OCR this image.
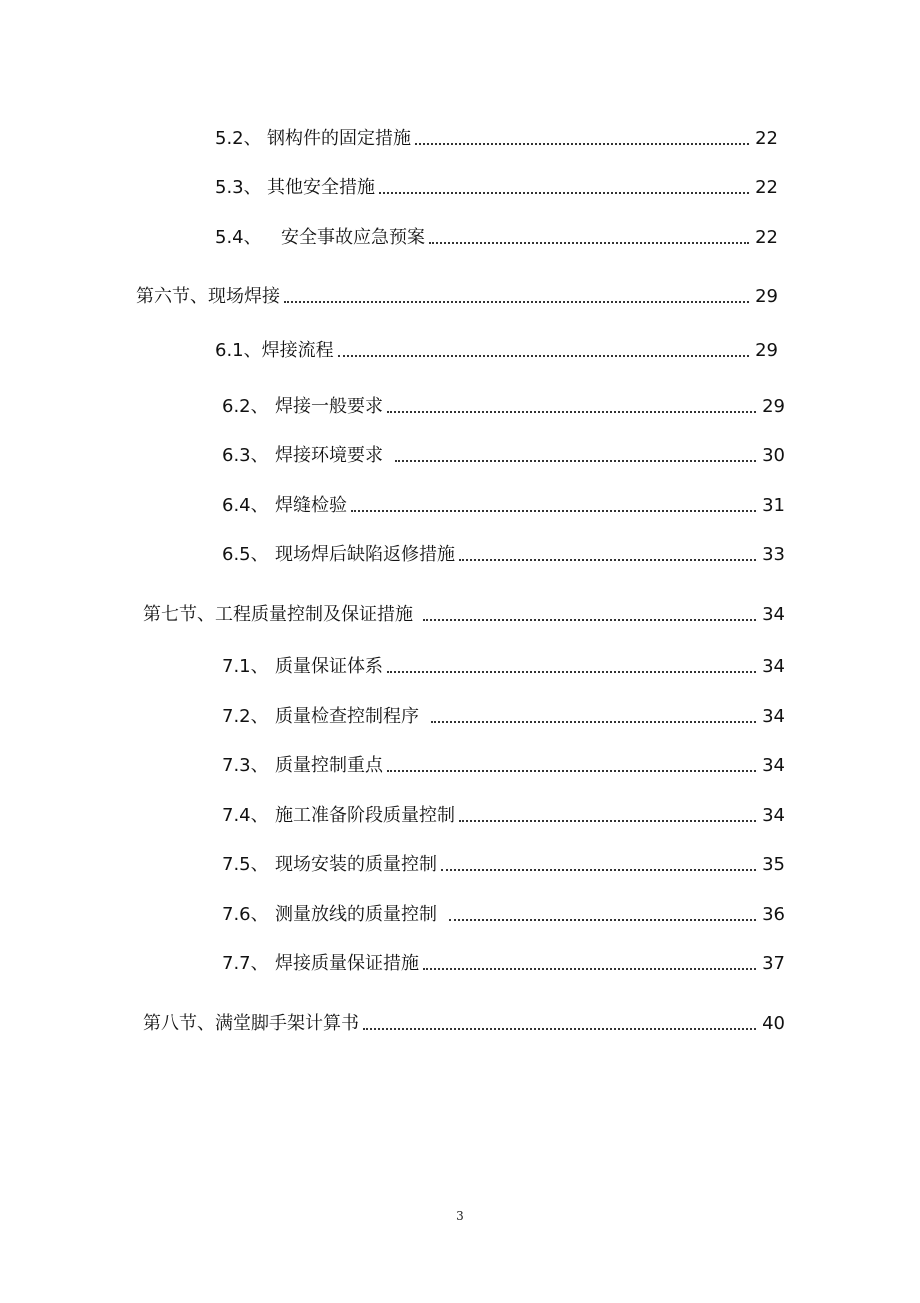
5.2、 钢构件的固定措施	22
5.3、 其他安全措施	22
5.4、	安全事故应急预案	22
第六节、现场焊接	29
6.1、焊接流程	29
6.2、 焊接一般要求	29
6.3、 焊接环境要求	30
6.4、 焊缝检验	31
6.5、 现场焊后缺陷返修措施	33
第七节、工程质量控制及保证措施	34
7.1、 质量保证体系	34
7.2、 质量检查控制程序	34
7.3、 质量控制重点	34
7.4、 施工准备阶段质量控制	34
7.5、 现场安装的质量控制	35
7.6、 测量放线的质量控制	36
7.7、 焊接质量保证措施	37
第八节、满堂脚手架计算书	40
3
